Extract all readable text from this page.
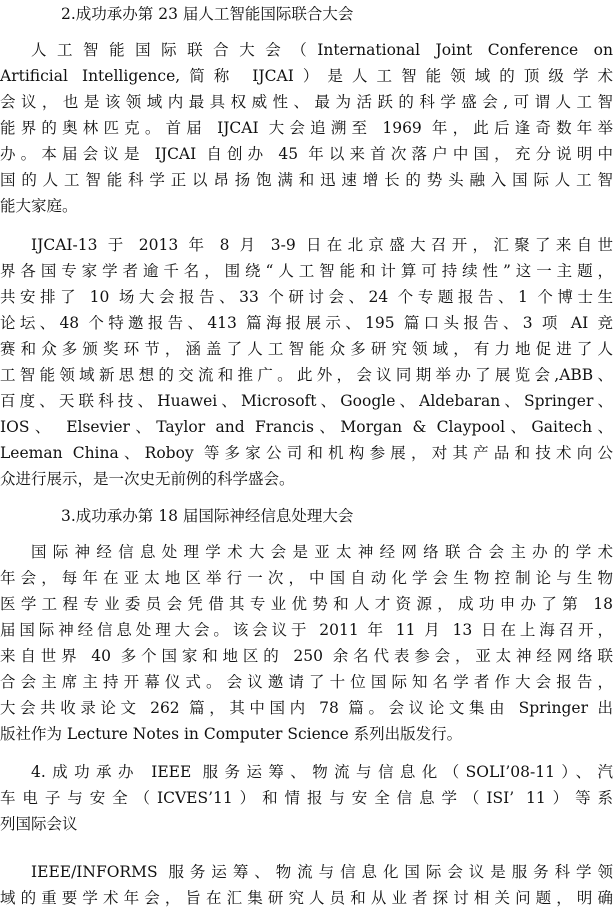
2.成功承办第 23 届人工智能国际联合大会
人工智能国际联合大会（International Joint Conference on
Artificial Intelligence,简称 IJCAI）是人工智能领域的顶级学术
会议，也是该领域内最具权威性、最为活跃的科学盛会,可谓人工智
能界的奥林匹克。首届 IJCAI 大会追溯至 1969 年，此后逢奇数年举
办。本届会议是 IJCAI 自创办 45 年以来首次落户中国，充分说明中
国的人工智能科学正以昂扬饱满和迅速增长的势头融入国际人工智
能大家庭。
IJCAI-13 于 2013 年 8 月 3-9 日在北京盛大召开，汇聚了来自世
界各国专家学者逾千名，围绕“人工智能和计算可持续性”这一主题，
共安排了 10 场大会报告、33 个研讨会、24 个专题报告、1 个博士生
论坛、48 个特邀报告、413 篇海报展示、195 篇口头报告、3 项 AI 竞
赛和众多颁奖环节，涵盖了人工智能众多研究领域，有力地促进了人
工智能领域新思想的交流和推广。此外，会议同期举办了展览会,ABB、
百度、天联科技、Huawei、Microsoft、Google、Aldebaran、Springer、
IOS、 Elsevier、Taylor and Francis、Morgan & Claypool、Gaitech、
Leeman China、Roboy 等多家公司和机构参展，对其产品和技术向公
众进行展示，是一次史无前例的科学盛会。
3.成功承办第 18 届国际神经信息处理大会
国际神经信息处理学术大会是亚太神经网络联合会主办的学术
年会，每年在亚太地区举行一次，中国自动化学会生物控制论与生物
医学工程专业委员会凭借其专业优势和人才资源，成功申办了第 18
届国际神经信息处理大会。该会议于 2011 年 11 月 13 日在上海召开，
来自世界 40 多个国家和地区的 250 余名代表参会，亚太神经网络联
合会主席主持开幕仪式。会议邀请了十位国际知名学者作大会报告，
大会共收录论文 262 篇，其中国内 78 篇。会议论文集由 Springer 出
版社作为 Lecture Notes in Computer Science 系列出版发行。
4.成功承办 IEEE 服务运筹、物流与信息化（SOLI’08-11）、汽
车电子与安全（ICVES’11）和情报与安全信息学（ISI’ 11）等系
列国际会议
IEEE/INFORMS 服务运筹、物流与信息化国际会议是服务科学领
域的重要学术年会，旨在汇集研究人员和从业者探讨相关问题，明确
